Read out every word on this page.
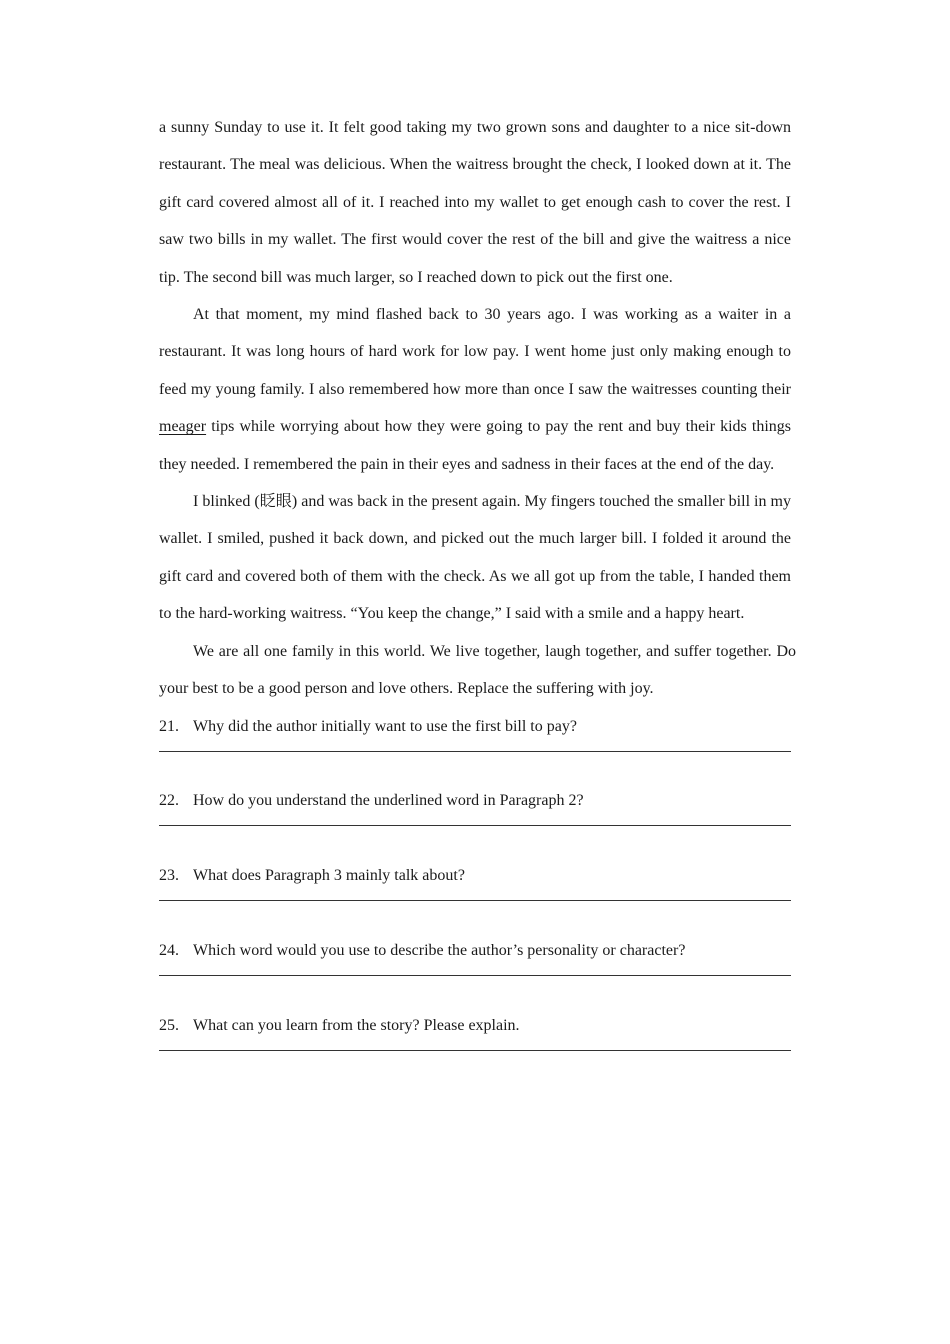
a sunny Sunday to use it. It felt good taking my two grown sons and daughter to a nice sit-down restaurant. The meal was delicious. When the waitress brought the check, I looked down at it. The gift card covered almost all of it. I reached into my wallet to get enough cash to cover the rest. I saw two bills in my wallet. The first would cover the rest of the bill and give the waitress a nice tip. The second bill was much larger, so I reached down to pick out the first one.

At that moment, my mind flashed back to 30 years ago. I was working as a waiter in a restaurant. It was long hours of hard work for low pay. I went home just only making enough to feed my young family. I also remembered how more than once I saw the waitresses counting their meager tips while worrying about how they were going to pay the rent and buy their kids things they needed. I remembered the pain in their eyes and sadness in their faces at the end of the day.

I blinked (眨眼) and was back in the present again. My fingers touched the smaller bill in my wallet. I smiled, pushed it back down, and picked out the much larger bill. I folded it around the gift card and covered both of them with the check. As we all got up from the table, I handed them to the hard-working waitress. “You keep the change,” I said with a smile and a happy heart.

We are all one family in this world. We live together, laugh together, and suffer together. Do your best to be a good person and love others. Replace the suffering with joy.

21. Why did the author initially want to use the first bill to pay?
22. How do you understand the underlined word in Paragraph 2?
23. What does Paragraph 3 mainly talk about?
24. Which word would you use to describe the author’s personality or character?
25. What can you learn from the story? Please explain.
